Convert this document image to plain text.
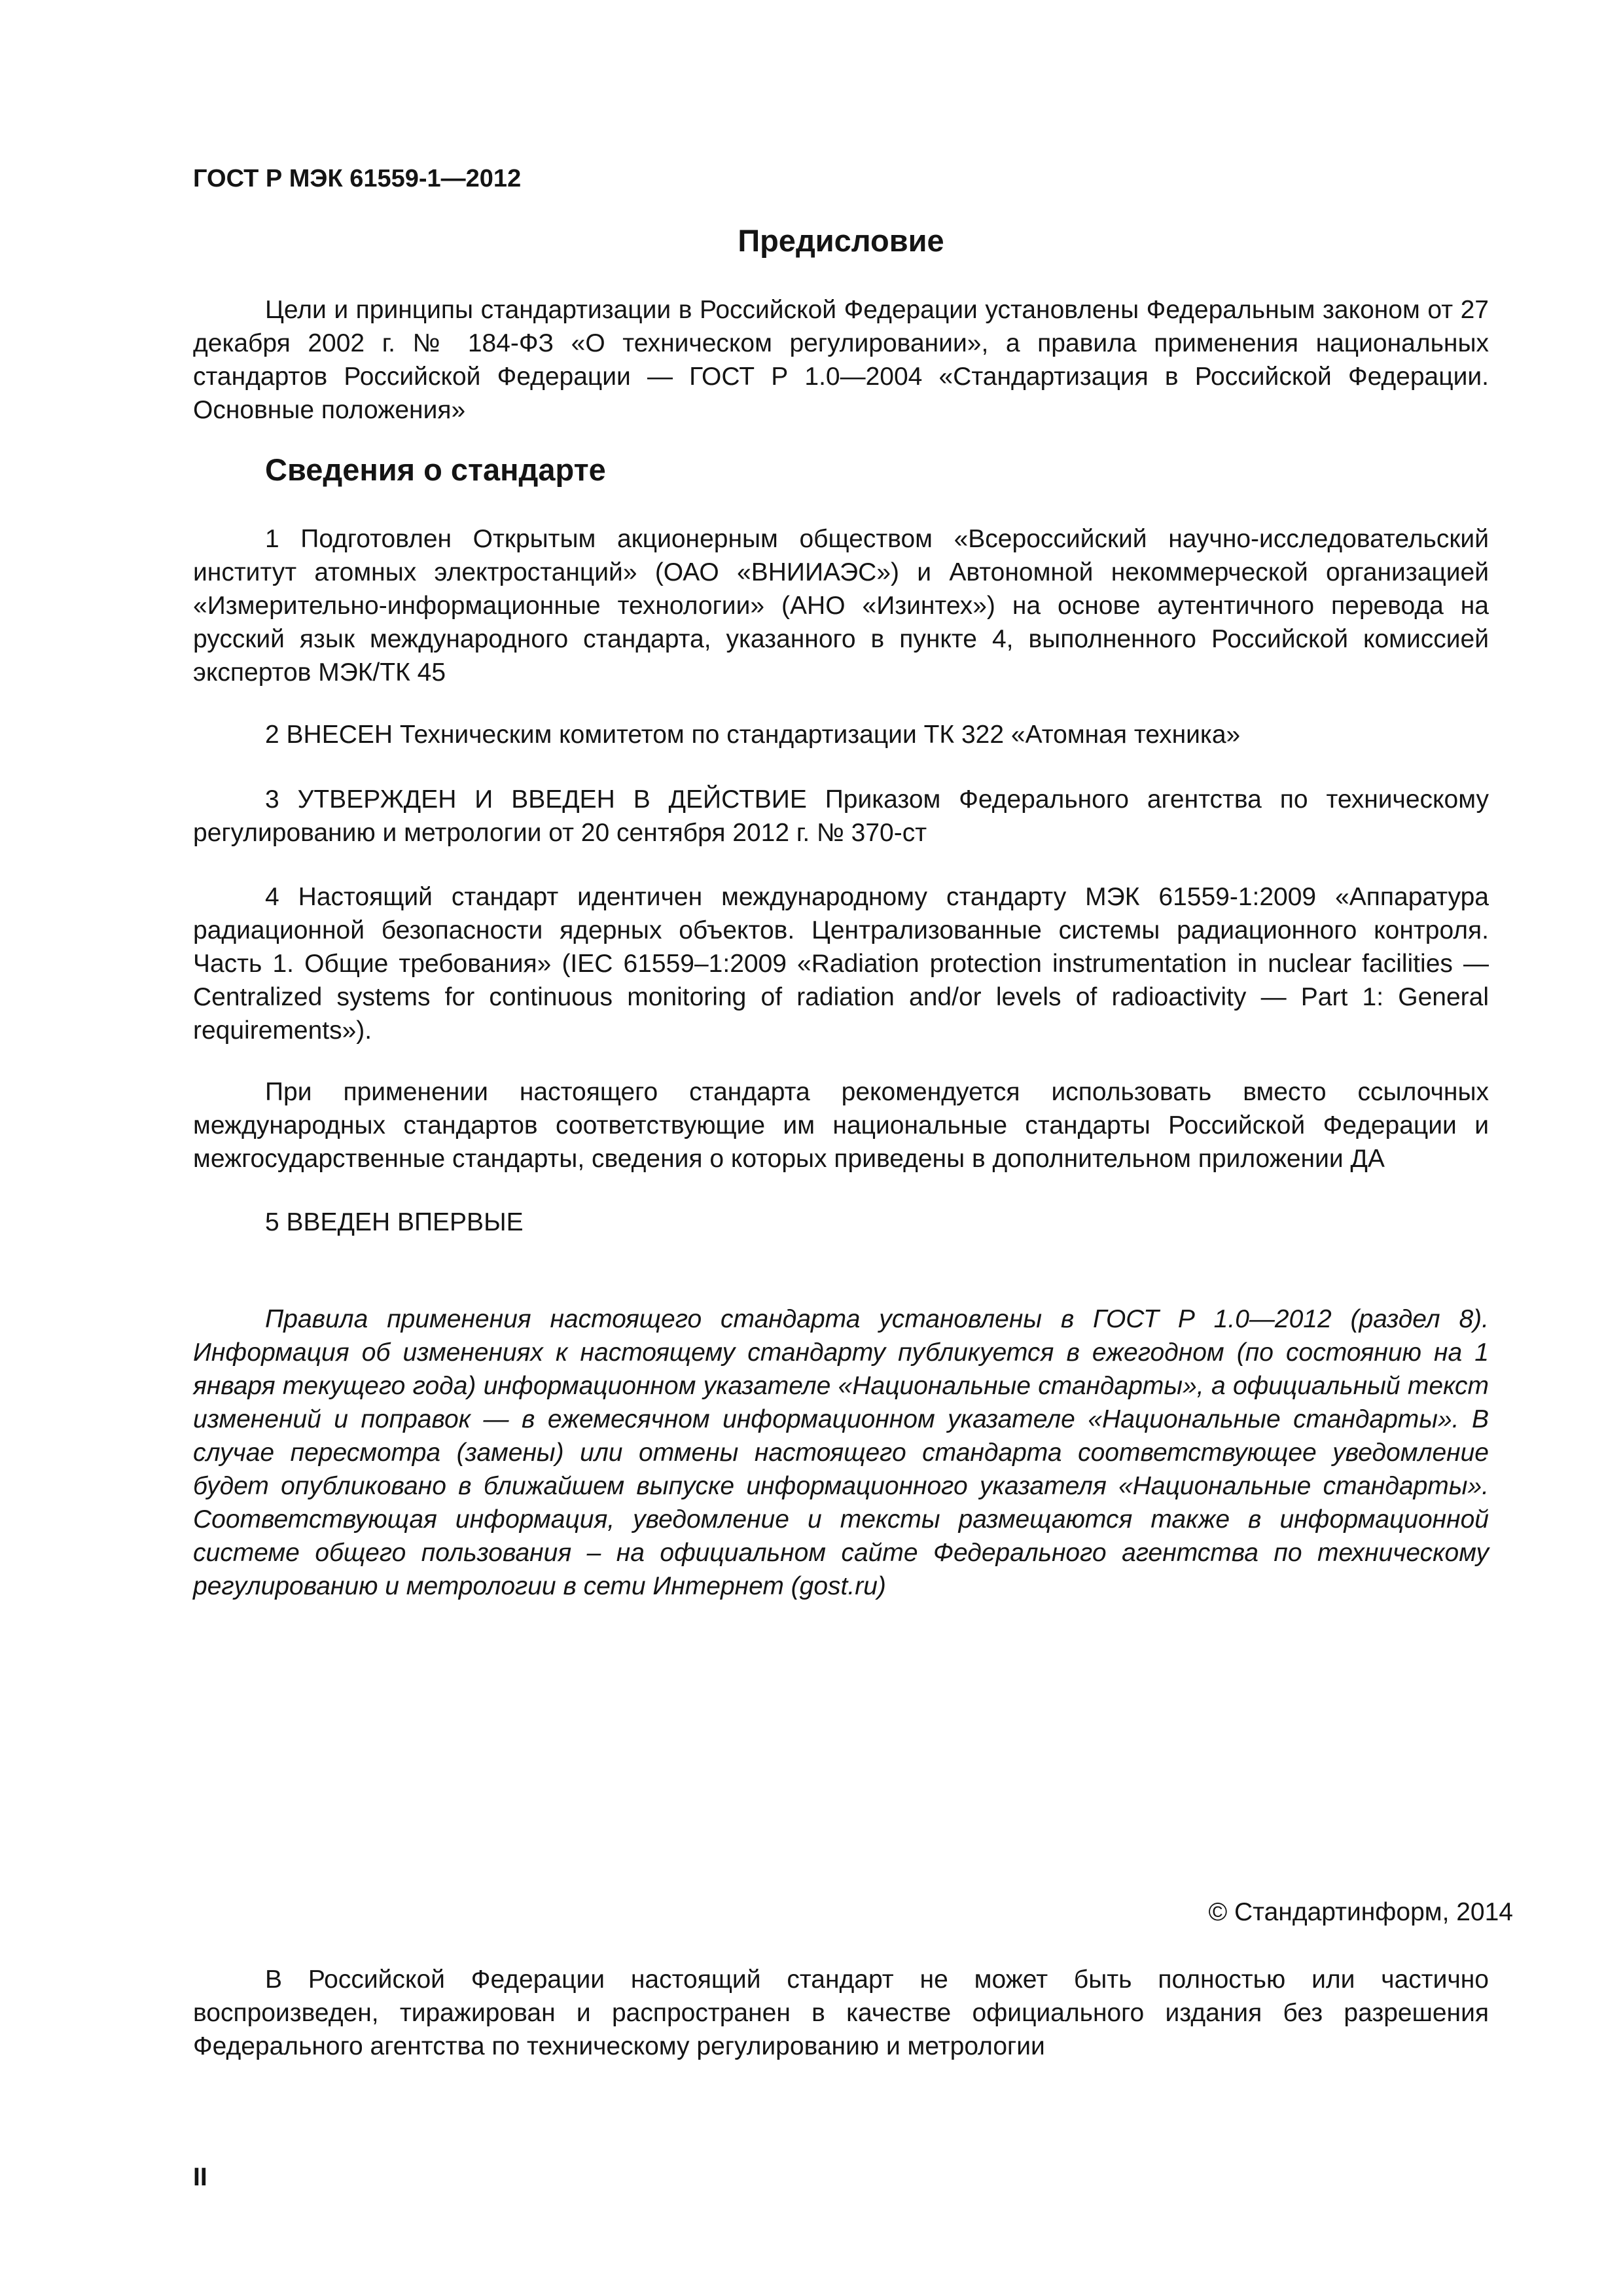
ГОСТ Р МЭК 61559-1—2012
Предисловие

Цели и принципы стандартизации в Российской Федерации установлены Федеральным законом от 27 декабря 2002 г. № 184-ФЗ «О техническом регулировании», а правила применения национальных стандартов Российской Федерации — ГОСТ Р 1.0—2004 «Стандартизация в Российской Федерации. Основные положения»

Сведения о стандарте

1 Подготовлен Открытым акционерным обществом «Всероссийский научно-исследовательский институт атомных электростанций» (ОАО «ВНИИАЭС») и Автономной некоммерческой организацией «Измерительно-информационные технологии» (АНО «Изинтех») на основе аутентичного перевода на русский язык международного стандарта, указанного в пункте 4, выполненного Российской комиссией экспертов МЭК/ТК 45

2 ВНЕСЕН Техническим комитетом по стандартизации ТК 322 «Атомная техника»

3 УТВЕРЖДЕН И ВВЕДЕН В ДЕЙСТВИЕ Приказом Федерального агентства по техническому регулированию и метрологии от 20 сентября 2012 г. № 370-ст

4 Настоящий стандарт идентичен международному стандарту МЭК 61559-1:2009 «Аппаратура радиационной безопасности ядерных объектов. Централизованные системы радиационного контроля. Часть 1. Общие требования» (IEC 61559–1:2009 «Radiation protection instrumentation in nuclear facilities — Centralized systems for continuous monitoring of radiation and/or levels of radioactivity — Part 1: General requirements»).

При применении настоящего стандарта рекомендуется использовать вместо ссылочных международных стандартов соответствующие им национальные стандарты Российской Федерации и межгосударственные стандарты, сведения о которых приведены в дополнительном приложении ДА

5 ВВЕДЕН ВПЕРВЫЕ

Правила применения настоящего стандарта установлены в ГОСТ Р 1.0—2012 (раздел 8). Информация об изменениях к настоящему стандарту публикуется в ежегодном (по состоянию на 1 января текущего года) информационном указателе «Национальные стандарты», а официальный текст изменений и поправок — в ежемесячном информационном указателе «Национальные стандарты». В случае пересмотра (замены) или отмены настоящего стандарта соответствующее уведомление будет опубликовано в ближайшем выпуске информационного указателя «Национальные стандарты». Соответствующая информация, уведомление и тексты размещаются также в информационной системе общего пользования – на официальном сайте Федерального агентства по техническому регулированию и метрологии в сети Интернет (gost.ru)

© Стандартинформ, 2014

В Российской Федерации настоящий стандарт не может быть полностью или частично воспроизведен, тиражирован и распространен в качестве официального издания без разрешения Федерального агентства по техническому регулированию и метрологии

II
